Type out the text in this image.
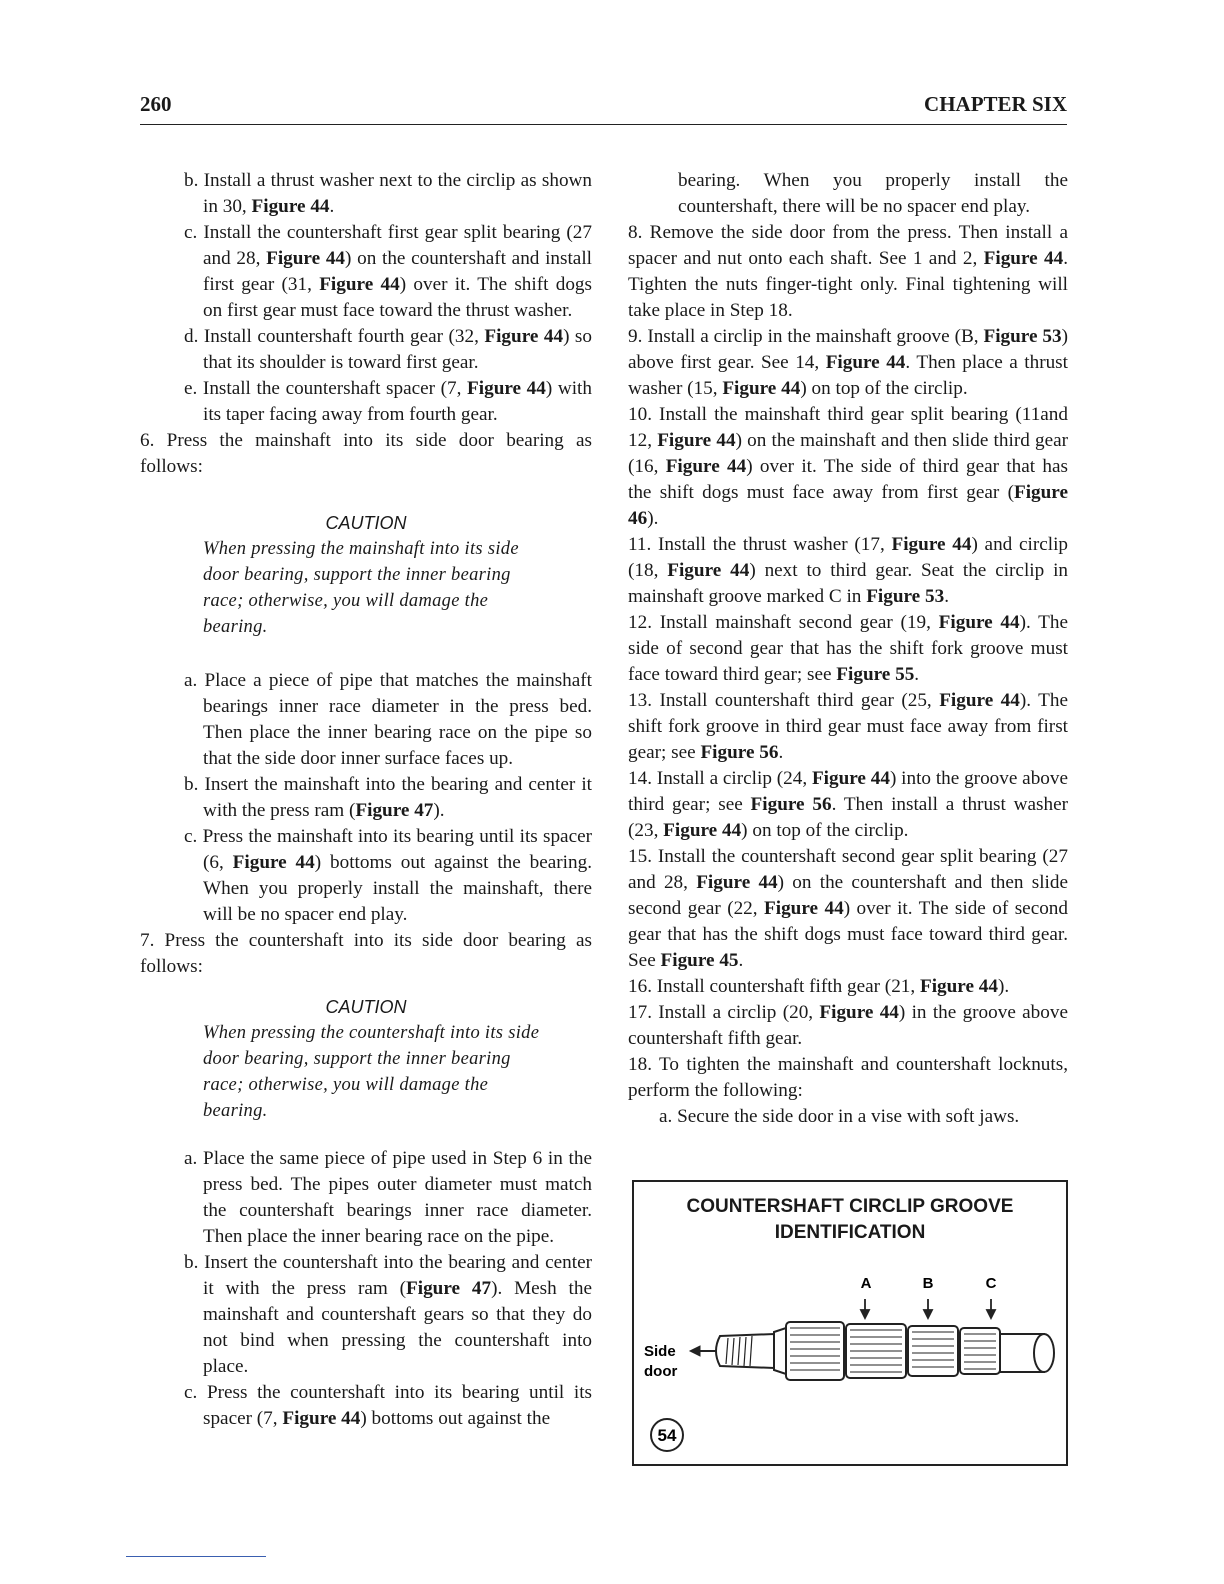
260	CHAPTER SIX

b. Install a thrust washer next to the circlip as shown in 30, Figure 44.

c. Install the countershaft first gear split bearing (27 and 28, Figure 44) on the countershaft and install first gear (31, Figure 44) over it. The shift dogs on first gear must face toward the thrust washer.

d. Install countershaft fourth gear (32, Figure 44) so that its shoulder is toward first gear.

e. Install the countershaft spacer (7, Figure 44) with its taper facing away from fourth gear.

6. Press the mainshaft into its side door bearing as follows:

CAUTION
When pressing the mainshaft into its side door bearing, support the inner bearing race; otherwise, you will damage the bearing.

a. Place a piece of pipe that matches the mainshaft bearings inner race diameter in the press bed. Then place the inner bearing race on the pipe so that the side door inner surface faces up.

b. Insert the mainshaft into the bearing and center it with the press ram (Figure 47).

c. Press the mainshaft into its bearing until its spacer (6, Figure 44) bottoms out against the bearing. When you properly install the mainshaft, there will be no spacer end play.

7. Press the countershaft into its side door bearing as follows:

CAUTION
When pressing the countershaft into its side door bearing, support the inner bearing race; otherwise, you will damage the bearing.

a. Place the same piece of pipe used in Step 6 in the press bed. The pipes outer diameter must match the countershaft bearings inner race diameter. Then place the inner bearing race on the pipe.

b. Insert the countershaft into the bearing and center it with the press ram (Figure 47). Mesh the mainshaft and countershaft gears so that they do not bind when pressing the countershaft into place.

c. Press the countershaft into its bearing until its spacer (7, Figure 44) bottoms out against the

bearing. When you properly install the countershaft, there will be no spacer end play.

8. Remove the side door from the press. Then install a spacer and nut onto each shaft. See 1 and 2, Figure 44. Tighten the nuts finger-tight only. Final tightening will take place in Step 18.

9. Install a circlip in the mainshaft groove (B, Figure 53) above first gear. See 14, Figure 44. Then place a thrust washer (15, Figure 44) on top of the circlip.

10. Install the mainshaft third gear split bearing (11and 12, Figure 44) on the mainshaft and then slide third gear (16, Figure 44) over it. The side of third gear that has the shift dogs must face away from first gear (Figure 46).

11. Install the thrust washer (17, Figure 44) and circlip (18, Figure 44) next to third gear. Seat the circlip in mainshaft groove marked C in Figure 53.

12. Install mainshaft second gear (19, Figure 44). The side of second gear that has the shift fork groove must face toward third gear; see Figure 55.

13. Install countershaft third gear (25, Figure 44). The shift fork groove in third gear must face away from first gear; see Figure 56.

14. Install a circlip (24, Figure 44) into the groove above third gear; see Figure 56. Then install a thrust washer (23, Figure 44) on top of the circlip.

15. Install the countershaft second gear split bearing (27 and 28, Figure 44) on the countershaft and then slide second gear (22, Figure 44) over it. The side of second gear that has the shift dogs must face toward third gear. See Figure 45.

16. Install countershaft fifth gear (21, Figure 44).

17. Install a circlip (20, Figure 44) in the groove above countershaft fifth gear.

18. To tighten the mainshaft and countershaft locknuts, perform the following:

a. Secure the side door in a vise with soft jaws.

COUNTERSHAFT CIRCLIP GROOVE
IDENTIFICATION
A	B	C
Side
door
54
